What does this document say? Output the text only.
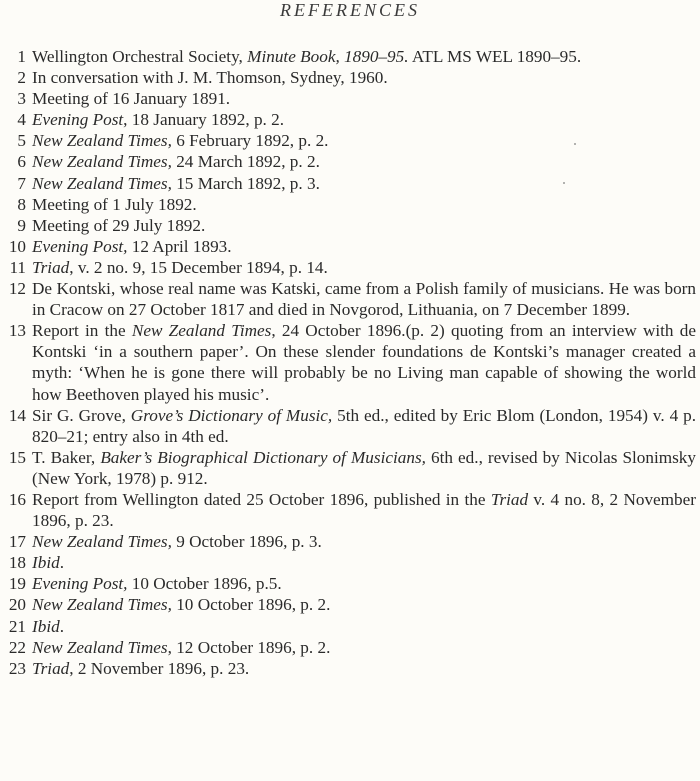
REFERENCES
1 Wellington Orchestral Society, Minute Book, 1890–95. ATL MS WEL 1890–95.
2 In conversation with J. M. Thomson, Sydney, 1960.
3 Meeting of 16 January 1891.
4 Evening Post, 18 January 1892, p. 2.
5 New Zealand Times, 6 February 1892, p. 2.
6 New Zealand Times, 24 March 1892, p. 2.
7 New Zealand Times, 15 March 1892, p. 3.
8 Meeting of 1 July 1892.
9 Meeting of 29 July 1892.
10 Evening Post, 12 April 1893.
11 Triad, v. 2 no. 9, 15 December 1894, p. 14.
12 De Kontski, whose real name was Katski, came from a Polish family of musicians. He was born in Cracow on 27 October 1817 and died in Novgorod, Lithuania, on 7 December 1899.
13 Report in the New Zealand Times, 24 October 1896.(p. 2) quoting from an interview with de Kontski ‘in a southern paper’. On these slender foundations de Kontski’s manager created a myth: ‘When he is gone there will probably be no Living man capable of showing the world how Beethoven played his music’.
14 Sir G. Grove, Grove’s Dictionary of Music, 5th ed., edited by Eric Blom (London, 1954) v. 4 p. 820–21; entry also in 4th ed.
15 T. Baker, Baker’s Biographical Dictionary of Musicians, 6th ed., revised by Nicolas Slonimsky (New York, 1978) p. 912.
16 Report from Wellington dated 25 October 1896, published in the Triad v. 4 no. 8, 2 November 1896, p. 23.
17 New Zealand Times, 9 October 1896, p. 3.
18 Ibid.
19 Evening Post, 10 October 1896, p.5.
20 New Zealand Times, 10 October 1896, p. 2.
21 Ibid.
22 New Zealand Times, 12 October 1896, p. 2.
23 Triad, 2 November 1896, p. 23.
